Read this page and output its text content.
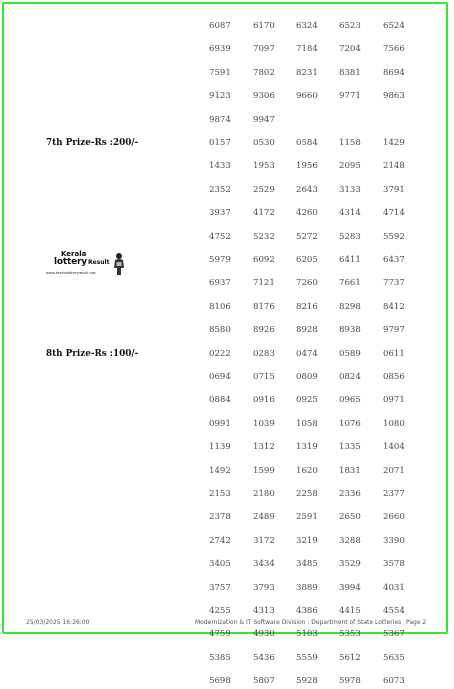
6087	6170 6324 6523	6524
6939	7097 7184 7204	7566
7591	7802 8231 8381	8694
9123	9306 9660 9771	9863
9874	9947
7th Prize-Rs :200/-	0157	0530 0584 1158	1429
1433	1953 1956 2095	2148
2352	2529 2643 3133	3791
3937	4172 4260 4314	4714
4752	5232 5272 5283	5592
5979	6092 6205 6411	6437
6937	7121 7260 7661	7737
8106	8176 8216 8298	8412
8580	8926 8928 8938	9797
8th Prize-Rs :100/-	0222	0283 0474 0589	0611
0694	0715 0809 0824	0856
0884	0916 0925 0965	0971
0991	1039 1058 1076	1080
1139	1312 1319 1335	1404
1492	1599 1620 1831	2071
2153	2180 2258 2336	2377
2378	2489 2591 2650	2660
2742	3172 3219 3288	3390
3405	3434 3485 3529	3578
3757	3793 3889 3994	4031
4255	4313 4386 4415	4554
4759	4930 5103 5353	5367
5385	5436 5559 5612	5635
5698	5807 5928 5978	6073
Kerala
lottery Result
www.keralalotteryresult.net
25/03/2025 16:26:00	Modernization & IT Software Division : Department of State Lotteries Page 2
